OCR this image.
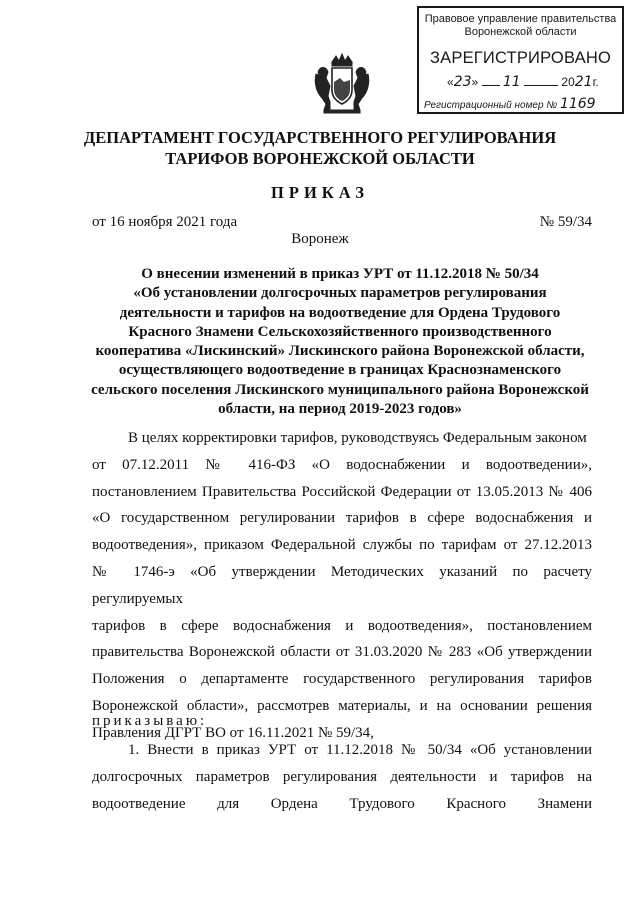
Правовое управление правительства
Воронежской области
ЗАРЕГИСТРИРОВАНО
«23»  11	2021г.
Регистрационный номер № 1169
ДЕПАРТАМЕНТ ГОСУДАРСТВЕННОГО РЕГУЛИРОВАНИЯ
ТАРИФОВ ВОРОНЕЖСКОЙ ОБЛАСТИ
ПРИКАЗ
от 16 ноября 2021 года	№ 59/34
Воронеж
О внесении изменений в приказ УРТ от 11.12.2018 № 50/34
«Об установлении долгосрочных параметров регулирования
деятельности и тарифов на водоотведение для Ордена Трудового
Красного Знамени Сельскохозяйственного производственного
кооператива «Лискинский» Лискинского района Воронежской области,
осуществляющего водоотведение в границах Краснознаменского
сельского поселения Лискинского муниципального района Воронежской
области, на период 2019-2023 годов»
В целях корректировки тарифов, руководствуясь Федеральным законом
от 07.12.2011 № 416-ФЗ «О водоснабжении и водоотведении»,
постановлением Правительства Российской Федерации от 13.05.2013 № 406
«О государственном регулировании тарифов в сфере водоснабжения и
водоотведения», приказом Федеральной службы по тарифам от 27.12.2013
№ 1746-э «Об утверждении Методических указаний по расчету регулируемых
тарифов в сфере водоснабжения и водоотведения», постановлением
правительства Воронежской области от 31.03.2020 № 283 «Об утверждении
Положения о департаменте государственного регулирования тарифов
Воронежской области», рассмотрев материалы, и на основании решения
Правления ДГРТ ВО от 16.11.2021 № 59/34,
приказываю:
1. Внести в приказ УРТ от 11.12.2018 № 50/34 «Об установлении
долгосрочных параметров регулирования деятельности и тарифов на
водоотведение для Ордена Трудового Красного Знамени
